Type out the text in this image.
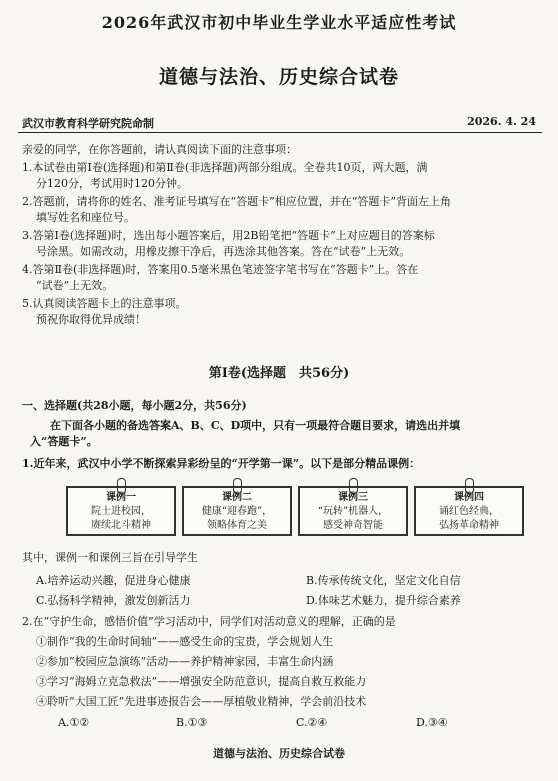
2026年武汉市初中毕业生学业水平适应性考试
道德与法治、历史综合试卷
武汉市教育科学研究院命制	2026. 4. 24
亲爱的同学，在你答题前，请认真阅读下面的注意事项：
1.本试卷由第Ⅰ卷(选择题)和第Ⅱ卷(非选择题)两部分组成。全卷共10页，两大题，满
分120分，考试用时120分钟。
2.答题前，请将你的姓名、准考证号填写在“答题卡”相应位置，并在“答题卡”背面左上角
填写姓名和座位号。
3.答第Ⅰ卷(选择题)时，选出每小题答案后，用2B铅笔把“答题卡”上对应题目的答案标
号涂黑。如需改动，用橡皮擦干净后，再选涂其他答案。答在“试卷”上无效。
4.答第Ⅱ卷(非选择题)时，答案用0.5毫米黑色笔迹签字笔书写在“答题卡”上。答在
“试卷”上无效。
5.认真阅读答题卡上的注意事项。
预祝你取得优异成绩！
第Ⅰ卷(选择题　共56分)
一、选择题(共28小题，每小题2分，共56分)
在下面各小题的备选答案A、B、C、D项中，只有一项最符合题目要求，请选出并填
入“答题卡”。
1.近年来，武汉中小学不断探索异彩纷呈的“开学第一课”。以下是部分精品课例：
课例一
院士进校园，
赓续北斗精神
课例二
健康“迎春跑”，
领略体育之美
课例三
“玩转”机器人，
感受神奇智能
课例四
诵红色经典，
弘扬革命精神
其中，课例一和课例三旨在引导学生
A.培养运动兴趣，促进身心健康	B.传承传统文化，坚定文化自信
C.弘扬科学精神，激发创新活力	D.体味艺术魅力，提升综合素养
2.在“守护生命，感悟价值”学习活动中，同学们对活动意义的理解，正确的是
①制作“我的生命时间轴”——感受生命的宝贵，学会规划人生
②参加“校园应急演练”活动——养护精神家园，丰富生命内涵
③学习“海姆立克急救法”——增强安全防范意识，提高自救互救能力
④聆听“大国工匠”先进事迹报告会——厚植敬业精神，学会前沿技术
A.①②	B.①③	C.②④	D.③④
道德与法治、历史综合试卷
